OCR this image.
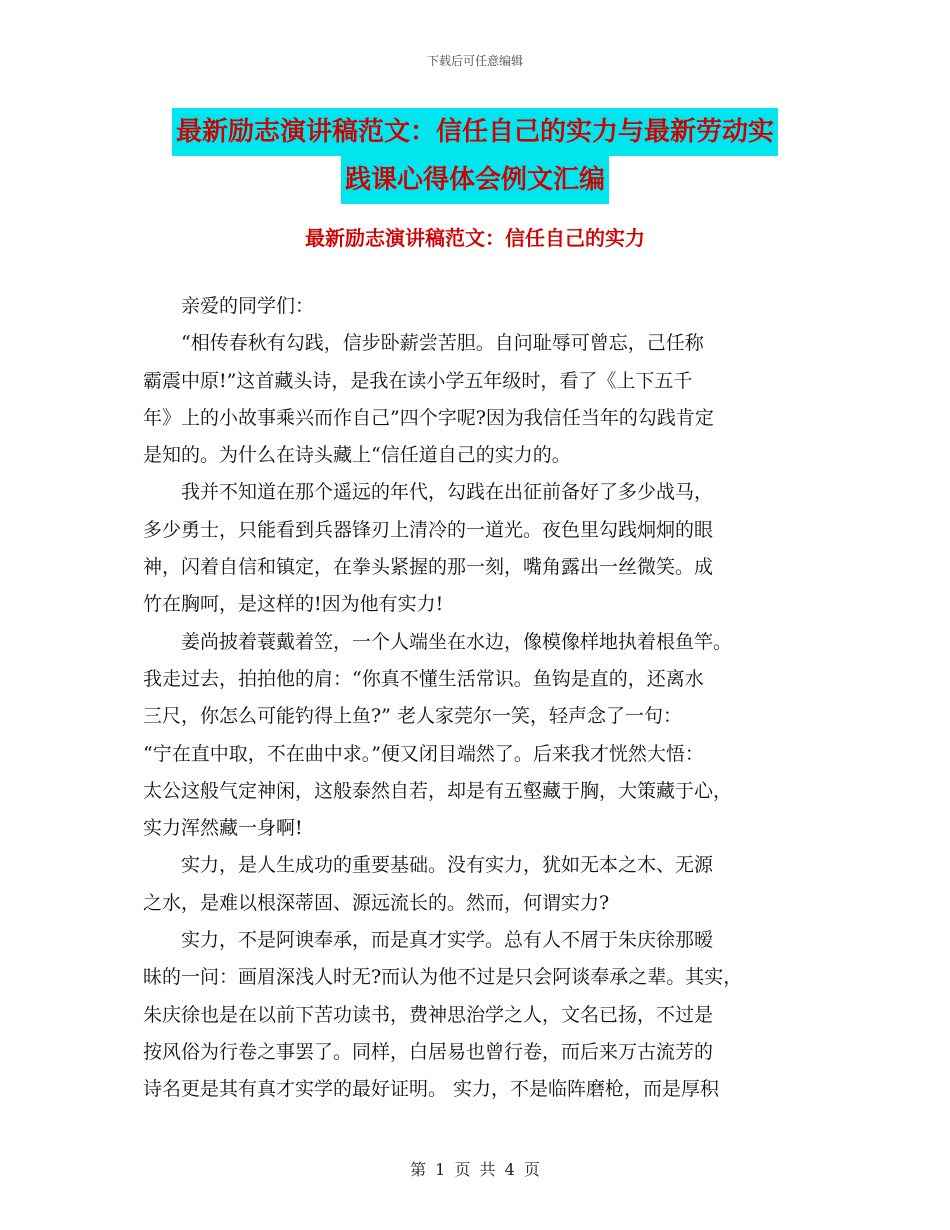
下载后可任意编辑
最新励志演讲稿范文：信任自己的实力与最新劳动实
践课心得体会例文汇编
最新励志演讲稿范文：信任自己的实力
　　亲爱的同学们：
　　“相传春秋有勾践，信步卧薪尝苦胆。自问耻辱可曾忘，己任称
霸震中原!”这首藏头诗，是我在读小学五年级时，看了《上下五千
年》上的小故事乘兴而作自己”四个字呢?因为我信任当年的勾践肯定
是知的。为什么在诗头藏上“信任道自己的实力的。
　　我并不知道在那个遥远的年代，勾践在出征前备好了多少战马，
多少勇士，只能看到兵器锋刃上清冷的一道光。夜色里勾践炯炯的眼
神，闪着自信和镇定，在拳头紧握的那一刻，嘴角露出一丝微笑。成
竹在胸呵，是这样的!因为他有实力!
　　姜尚披着蓑戴着笠，一个人端坐在水边，像模像样地执着根鱼竿。
我走过去，拍拍他的肩：“你真不懂生活常识。鱼钩是直的，还离水
三尺，你怎么可能钓得上鱼?” 老人家莞尔一笑，轻声念了一句：
“宁在直中取，不在曲中求。”便又闭目端然了。后来我才恍然大悟：
太公这般气定神闲，这般泰然自若，却是有五壑藏于胸，大策藏于心，
实力浑然藏一身啊!
　　实力，是人生成功的重要基础。没有实力，犹如无本之木、无源
之水，是难以根深蒂固、源远流长的。然而，何谓实力?
　　实力，不是阿谀奉承，而是真才实学。总有人不屑于朱庆徐那暧
昧的一问：画眉深浅人时无?而认为他不过是只会阿谈奉承之辈。其实，
朱庆徐也是在以前下苦功读书，费神思治学之人，文名已扬，不过是
按风俗为行卷之事罢了。同样，白居易也曾行卷，而后来万古流芳的
诗名更是其有真才实学的最好证明。 实力，不是临阵磨枪，而是厚积
第 1 页 共 4 页
